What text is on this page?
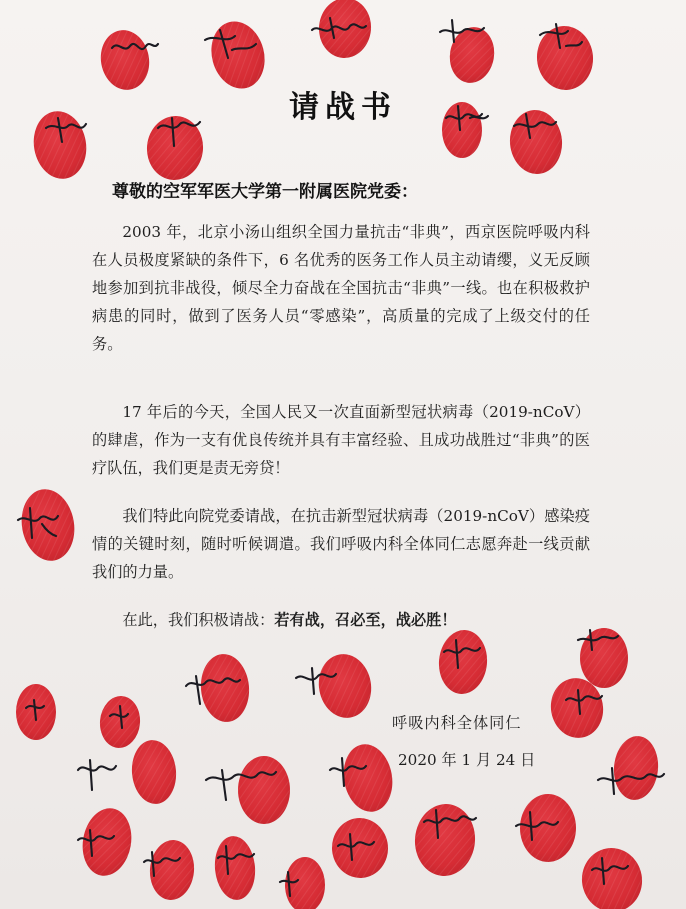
请战书
尊敬的空军军医大学第一附属医院党委：
2003 年，北京小汤山组织全国力量抗击“非典”，西京医院呼吸内科在人员极度紧缺的条件下，6 名优秀的医务工作人员主动请缨，义无反顾地参加到抗非战役，倾尽全力奋战在全国抗击“非典”一线。也在积极救护病患的同时，做到了医务人员“零感染”，高质量的完成了上级交付的任务。
17 年后的今天，全国人民又一次直面新型冠状病毒（2019-nCoV）的肆虐，作为一支有优良传统并具有丰富经验、且成功战胜过“非典”的医疗队伍，我们更是责无旁贷！
我们特此向院党委请战，在抗击新型冠状病毒（2019-nCoV）感染疫情的关键时刻，随时听候调遣。我们呼吸内科全体同仁志愿奔赴一线贡献我们的力量。
在此，我们积极请战：若有战，召必至，战必胜！
呼吸内科全体同仁
2020 年 1 月 24 日
